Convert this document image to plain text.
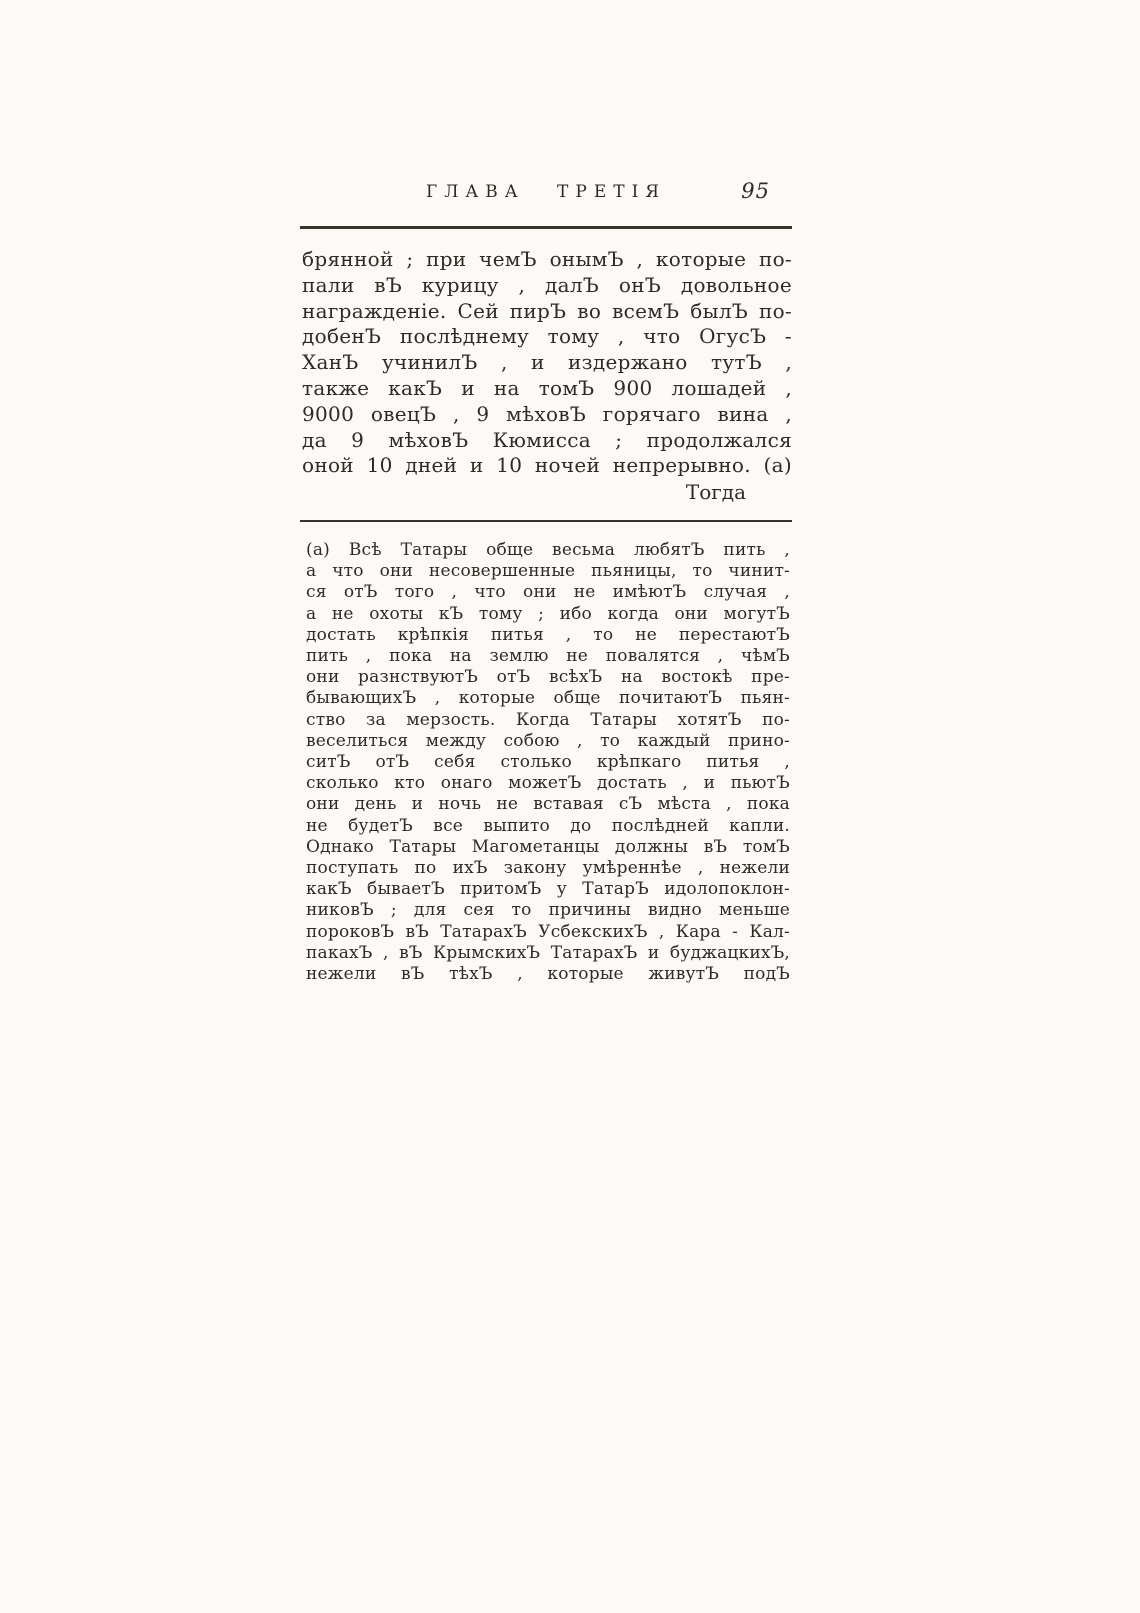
ГЛАВА ТРЕТІЯ	95
брянной ; при чемЪ онымЪ , которые по-
пали вЪ курицу , далЪ онЪ довольное
награжденіе. Сей пирЪ во всемЪ былЪ по-
добенЪ послѣднему тому , что ОгусЪ -
ХанЪ учинилЪ , и издержано тутЪ ,
также какЪ и на томЪ 900 лошадей ,
9000 овецЪ , 9 мѣховЪ горячаго вина ,
да 9 мѣховЪ Кюмисса ; продолжался
оной 10 дней и 10 ночей непрерывно. (а)
Тогда
(а) Всѣ Татары обще весьма любятЪ пить ,
а что они несовершенные пьяницы, то чинит-
ся отЪ того , что они не имѣютЪ случая ,
а не охоты кЪ тому ; ибо когда они могутЪ
достать крѣпкія питья , то не перестаютЪ
пить , пока на землю не повалятся , чѣмЪ
они разнствуютЪ отЪ всѣхЪ на востокѣ пре-
бывающихЪ , которые обще почитаютЪ пьян-
ство за мерзость. Когда Татары хотятЪ по-
веселиться между собою , то каждый прино-
ситЪ отЪ себя столько крѣпкаго питья ,
сколько кто онаго можетЪ достать , и пьютЪ
они день и ночь не вставая сЪ мѣста , пока
не будетЪ все выпито до послѣдней капли.
Однако Татары Магометанцы должны вЪ томЪ
поступать по ихЪ закону умѣреннѣе , нежели
какЪ бываетЪ притомЪ у ТатарЪ идолопоклон-
никовЪ ; для сея то причины видно меньше
пороковЪ вЪ ТатарахЪ УсбекскихЪ , Кара - Кал-
пакахЪ , вЪ КрымскихЪ ТатарахЪ и буджацкихЪ,
нежели вЪ тѣхЪ , которые живутЪ подЪ
